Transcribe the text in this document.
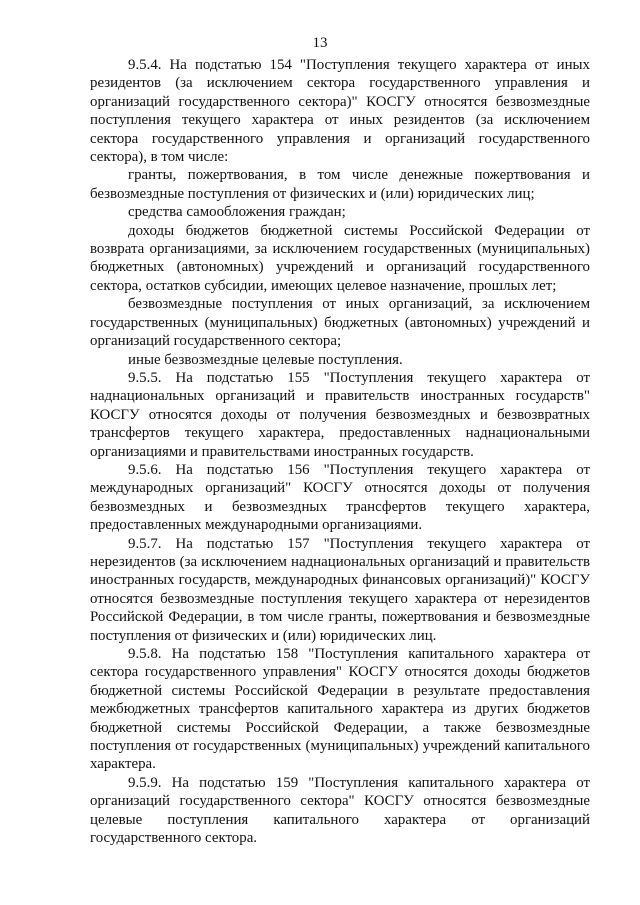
13

9.5.4. На подстатью 154 "Поступления текущего характера от иных резидентов (за исключением сектора государственного управления и организаций государственного сектора)" КОСГУ относятся безвозмездные поступления текущего характера от иных резидентов (за исключением сектора государственного управления и организаций государственного сектора), в том числе:

гранты, пожертвования, в том числе денежные пожертвования и безвозмездные поступления от физических и (или) юридических лиц;

средства самообложения граждан;

доходы бюджетов бюджетной системы Российской Федерации от возврата организациями, за исключением государственных (муниципальных) бюджетных (автономных) учреждений и организаций государственного сектора, остатков субсидии, имеющих целевое назначение, прошлых лет;

безвозмездные поступления от иных организаций, за исключением государственных (муниципальных) бюджетных (автономных) учреждений и организаций государственного сектора;

иные безвозмездные целевые поступления.

9.5.5. На подстатью 155 "Поступления текущего характера от наднациональных организаций и правительств иностранных государств" КОСГУ относятся доходы от получения безвозмездных и безвозвратных трансфертов текущего характера, предоставленных наднациональными организациями и правительствами иностранных государств.

9.5.6. На подстатью 156 "Поступления текущего характера от международных организаций" КОСГУ относятся доходы от получения безвозмездных и безвозмездных трансфертов текущего характера, предоставленных международными организациями.

9.5.7. На подстатью 157 "Поступления текущего характера от нерезидентов (за исключением наднациональных организаций и правительств иностранных государств, международных финансовых организаций)" КОСГУ относятся безвозмездные поступления текущего характера от нерезидентов Российской Федерации, в том числе гранты, пожертвования и безвозмездные поступления от физических и (или) юридических лиц.

9.5.8. На подстатью 158 "Поступления капитального характера от сектора государственного управления" КОСГУ относятся доходы бюджетов бюджетной системы Российской Федерации в результате предоставления межбюджетных трансфертов капитального характера из других бюджетов бюджетной системы Российской Федерации, а также безвозмездные поступления от государственных (муниципальных) учреждений капитального характера.

9.5.9. На подстатью 159 "Поступления капитального характера от организаций государственного сектора" КОСГУ относятся безвозмездные целевые поступления капитального характера от организаций государственного сектора.
